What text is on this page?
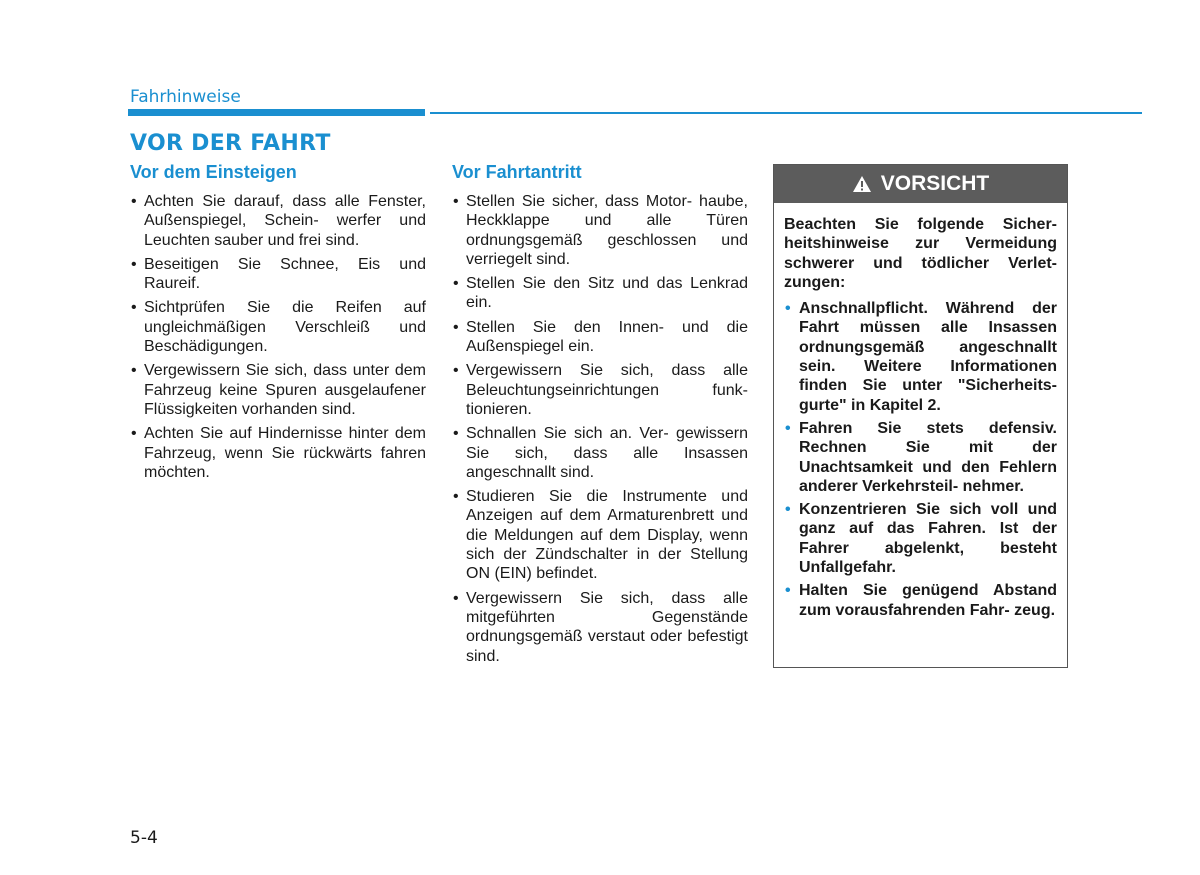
Fahrhinweise
VOR DER FAHRT
Vor dem Einsteigen
• Achten Sie darauf, dass alle Fenster, Außenspiegel, Schein- werfer und Leuchten sauber und frei sind.
• Beseitigen Sie Schnee, Eis und Raureif.
• Sichtprüfen Sie die Reifen auf ungleichmäßigen Verschleiß und Beschädigungen.
• Vergewissern Sie sich, dass unter dem Fahrzeug keine Spuren ausgelaufener Flüssigkeiten vorhanden sind.
• Achten Sie auf Hindernisse hinter dem Fahrzeug, wenn Sie rückwärts fahren möchten.
Vor Fahrtantritt
• Stellen Sie sicher, dass Motor- haube, Heckklappe und alle Türen ordnungsgemäß geschlossen und verriegelt sind.
• Stellen Sie den Sitz und das Lenkrad ein.
• Stellen Sie den Innen- und die Außenspiegel ein.
• Vergewissern Sie sich, dass alle Beleuchtungseinrichtungen funk- tionieren.
• Schnallen Sie sich an. Ver- gewissern Sie sich, dass alle Insassen angeschnallt sind.
• Studieren Sie die Instrumente und Anzeigen auf dem Armaturenbrett und die Meldungen auf dem Display, wenn sich der Zündschalter in der Stellung ON (EIN) befindet.
• Vergewissern Sie sich, dass alle mitgeführten Gegenstände ordnungsgemäß verstaut oder befestigt sind.
VORSICHT

Beachten Sie folgende Sicher- heitshinweise zur Vermeidung schwerer und tödlicher Verlet- zungen:

• Anschnallpflicht. Während der Fahrt müssen alle Insassen ordnungsgemäß angeschnallt sein. Weitere Informationen finden Sie unter "Sicherheits- gurte" in Kapitel 2.
• Fahren Sie stets defensiv. Rechnen Sie mit der Unachtsamkeit und den Fehlern anderer Verkehrsteil- nehmer.
• Konzentrieren Sie sich voll und ganz auf das Fahren. Ist der Fahrer abgelenkt, besteht Unfallgefahr.
• Halten Sie genügend Abstand zum vorausfahrenden Fahr- zeug.
5-4
